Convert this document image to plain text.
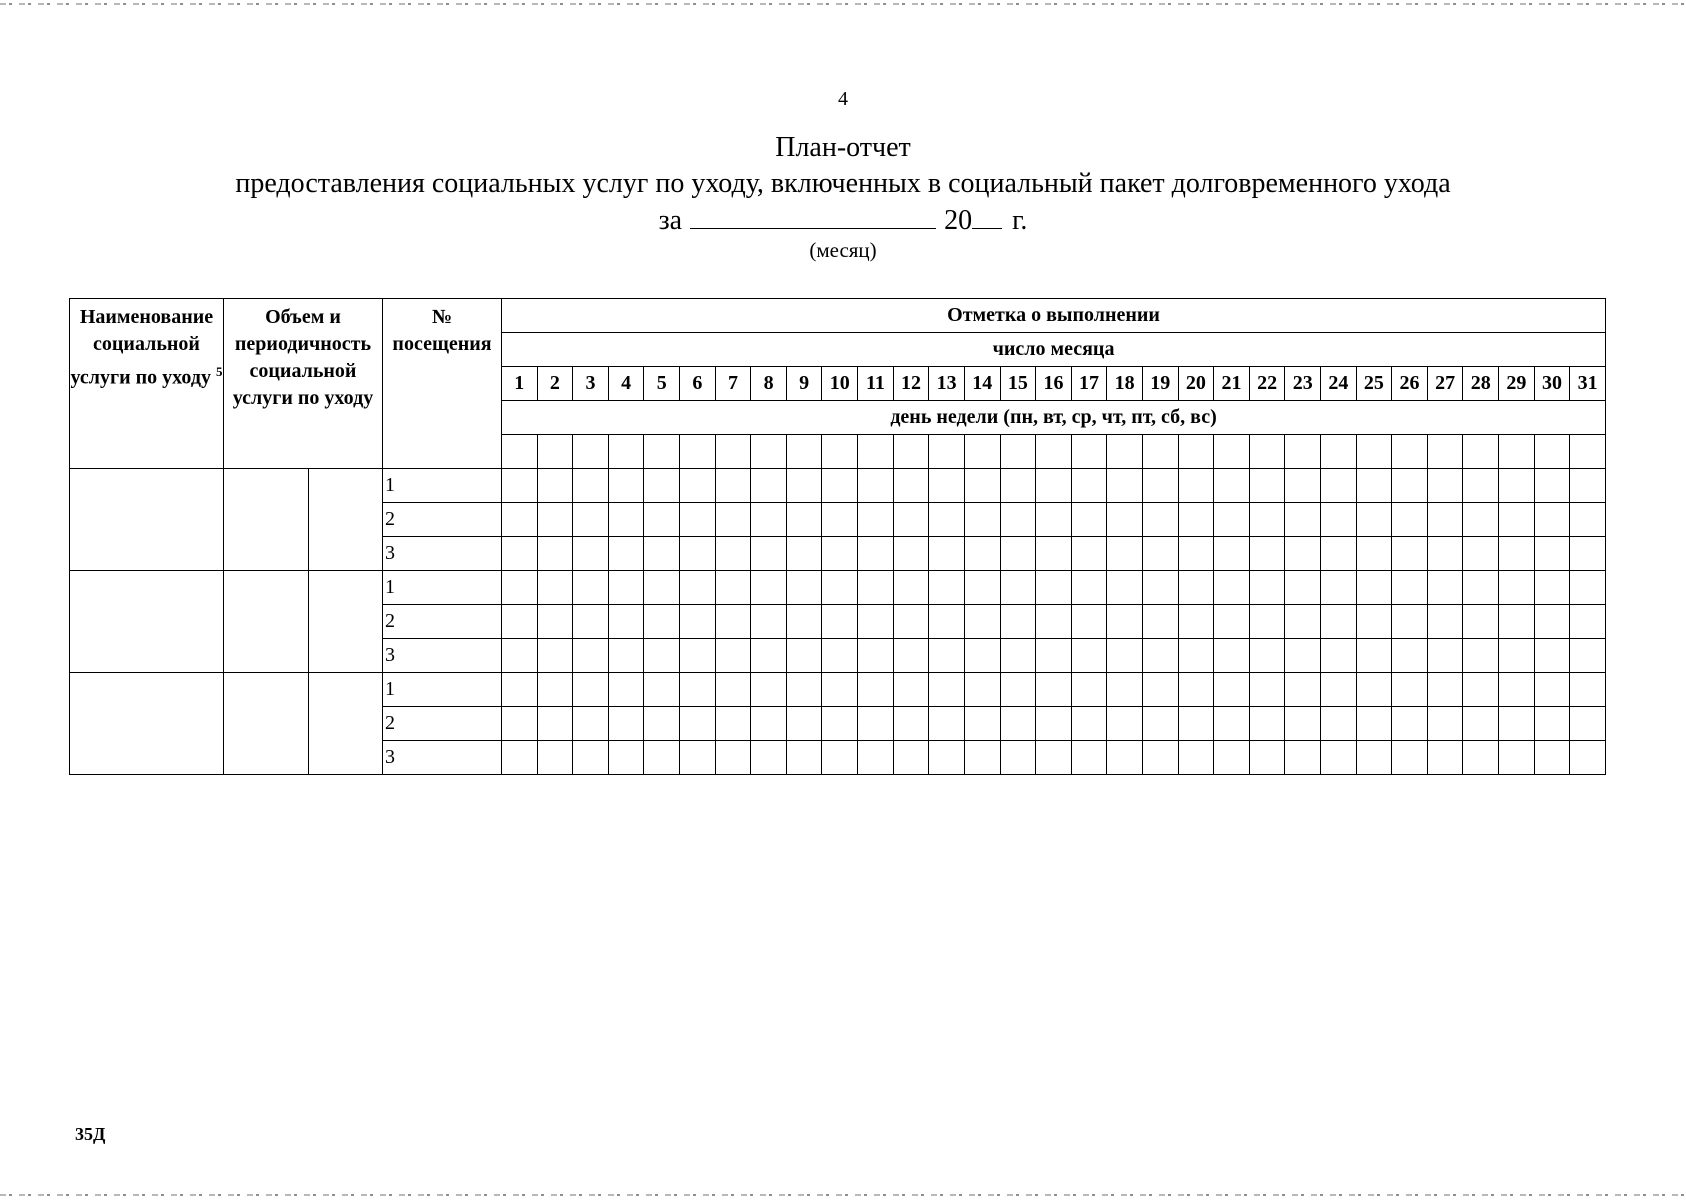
4
План-отчет
предоставления социальных услуг по уходу, включенных в социальный пакет долговременного ухода
за	20 г.
(месяц)
Наименование социальной услуги по уходу $^5$	Объем и периодичность социальной услуги по уходу		№ посещения	Отметка о выполнении																														
				число месяца																														
				1	2	3	4	5	6	7	8	9	10	11	12	13	14	15	16	17	18	19	20	21	22	23	24	25	26	27	28	29	30	31
				день недели (пн, вт, ср, чт, пт, сб, вс)																														

			1																															
			2																															
			3																															
			1																															
			2																															
			3																															
			1																															
			2																															
			3																															
35Д
